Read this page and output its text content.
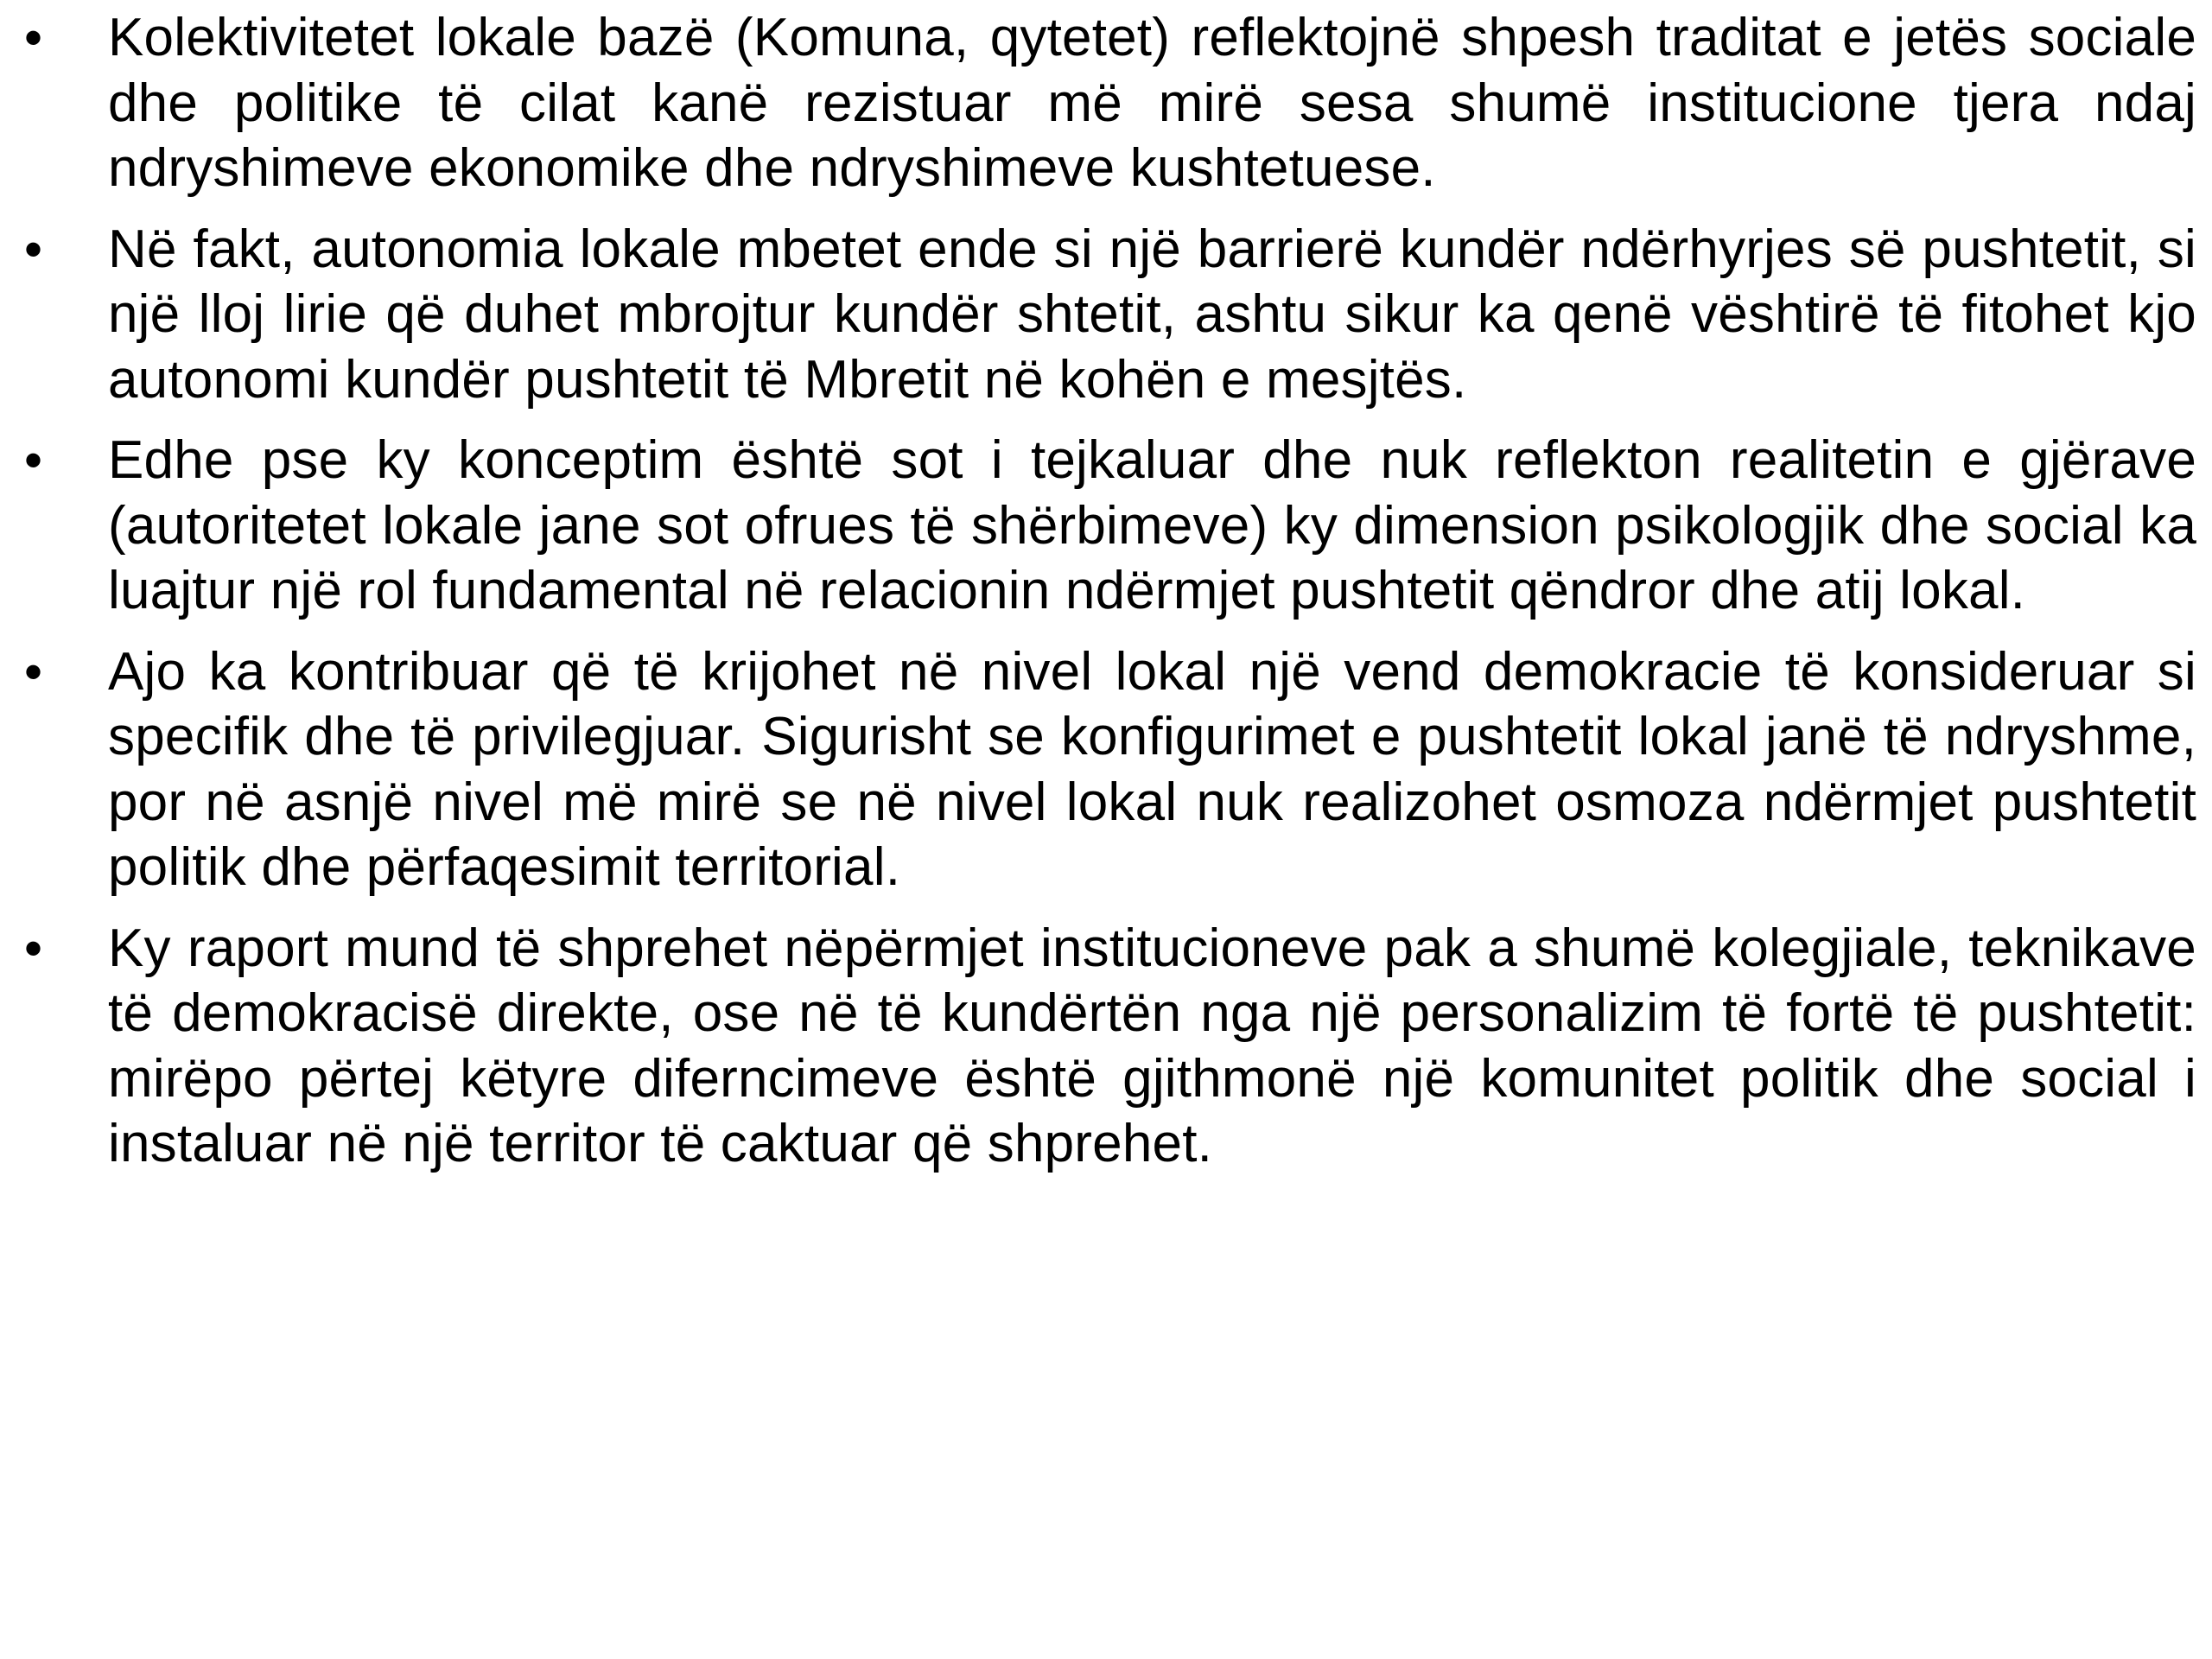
•	Kolektivitetet lokale bazë (Komuna, qytetet) reflektojnë shpesh traditat e jetës sociale dhe politike të cilat kanë rezistuar më mirë sesa shumë institucione tjera ndaj ndryshimeve ekonomike dhe ndryshimeve kushtetuese.
•	Në fakt, autonomia lokale mbetet ende si një barrierë kundër ndërhyrjes së pushtetit, si një lloj lirie që duhet mbrojtur kundër shtetit, ashtu sikur ka qenë vështirë të fitohet kjo autonomi kundër pushtetit të Mbretit në kohën e mesjtës.
•	Edhe pse ky konceptim është sot i tejkaluar dhe nuk reflekton realitetin e gjërave (autoritetet lokale jane sot ofrues të shërbimeve) ky dimension psikologjik dhe social ka luajtur një rol fundamental në relacionin ndërmjet pushtetit qëndror dhe atij lokal.
•	Ajo ka kontribuar që të krijohet në nivel lokal një vend demokracie të konsideruar si specifik dhe të privilegjuar. Sigurisht se konfigurimet e pushtetit lokal janë të ndryshme, por në asnjë nivel më mirë se në nivel lokal nuk realizohet osmoza ndërmjet pushtetit politik dhe përfaqesimit territorial.
•	Ky raport mund të shprehet nëpërmjet institucioneve pak a shumë kolegjiale, teknikave të demokracisë direkte, ose në të kundërtën nga një personalizim të fortë të pushtetit: mirëpo përtej këtyre diferncimeve është gjithmonë një komunitet politik dhe social i instaluar në një territor të caktuar që shprehet.
